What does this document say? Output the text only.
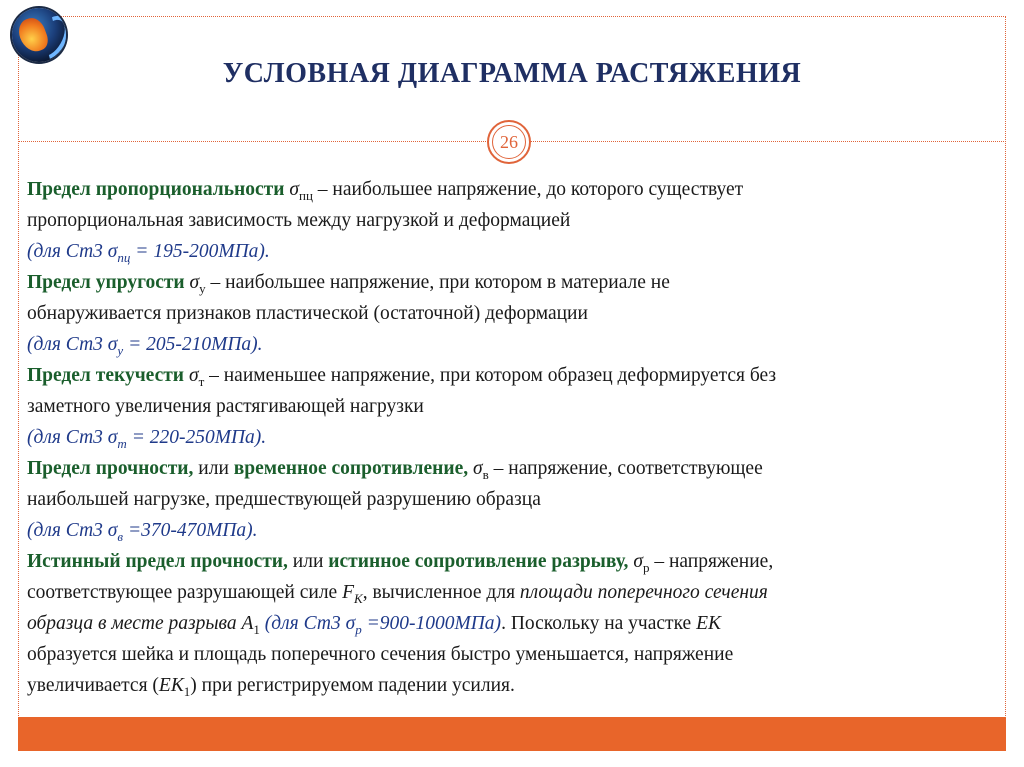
УСЛОВНАЯ ДИАГРАММА РАСТЯЖЕНИЯ
26

Предел пропорциональности $\sigma_{пц}$ – наибольшее напряжение, до которого существует
пропорциональная зависимость между нагрузкой и деформацией
(для Ст3 $\sigma_{пц} = 195-200МПа$).

Предел упругости $\sigma_у$ – наибольшее напряжение, при котором в материале не
обнаруживается признаков пластической (остаточной) деформации
(для Ст3 $\sigma_у = 205-210МПа$).

Предел текучести $\sigma_т$ – наименьшее напряжение, при котором образец деформируется без
заметного увеличения растягивающей нагрузки
(для Ст3 $\sigma_т = 220-250МПа$).

Предел прочности, или временное сопротивление, $\sigma_в$ – напряжение, соответствующее
наибольшей нагрузке, предшествующей разрушению образца
(для Ст3 $\sigma_в =370-470МПа$).

Истинный предел прочности, или истинное сопротивление разрыву, $\sigma_р$ – напряжение,
соответствующее разрушающей силе $F_K$, вычисленное для площади поперечного сечения
образца в месте разрыва $А_1$ (для Ст3 $\sigma_р =900-1000МПа$). Поскольку на участке ЕК
образуется шейка и площадь поперечного сечения быстро уменьшается, напряжение
увеличивается $(ЕК_1)$ при регистрируемом падении усилия.
